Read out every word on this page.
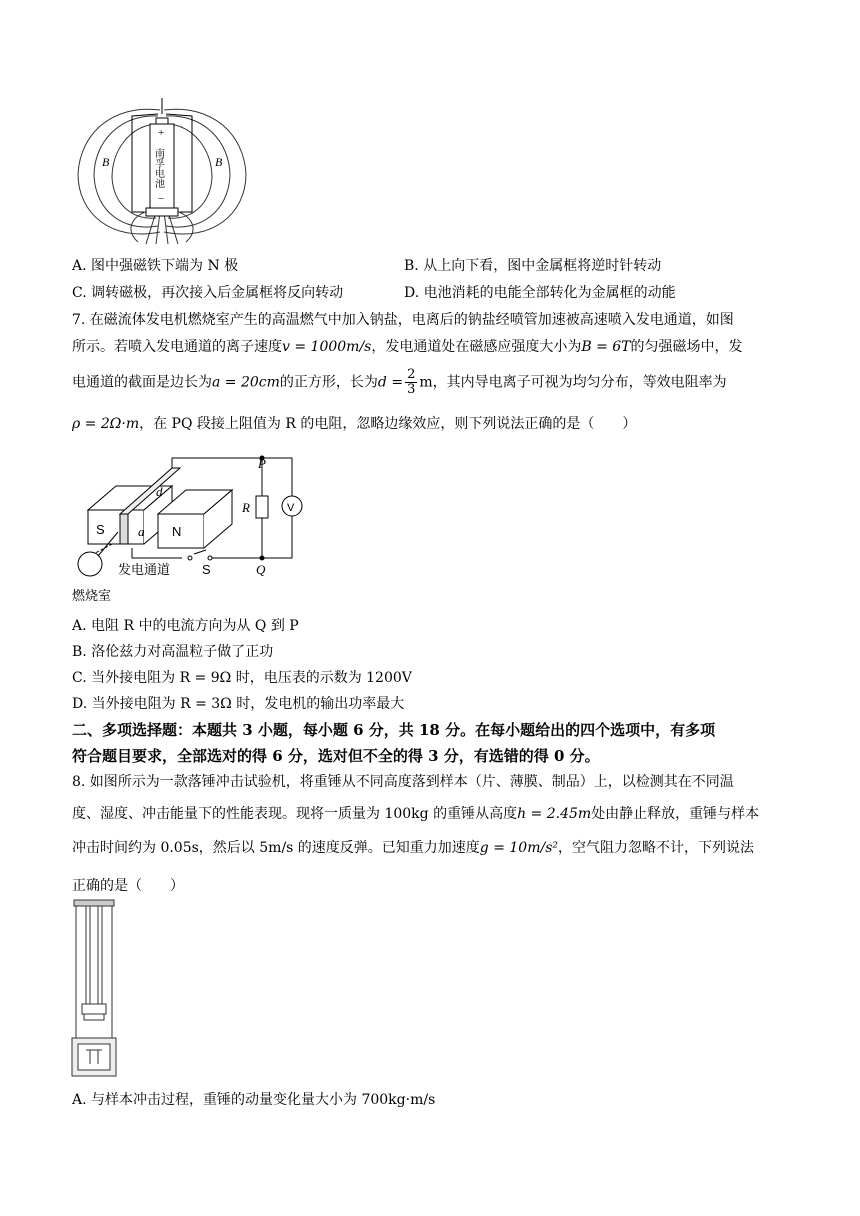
B	B
+
南孚电池
−
A. 图中强磁铁下端为 N 极	B. 从上向下看，图中金属框将逆时针转动
C. 调转磁极，再次接入后金属框将反向转动	D. 电池消耗的电能全部转化为金属框的动能
7. 在磁流体发电机燃烧室产生的高温燃气中加入钠盐，电离后的钠盐经喷管加速被高速喷入发电通道，如图
所示。若喷入发电通道的离子速度v = 1000m/s，发电通道处在磁感应强度大小为B = 6T的匀强磁场中，发
电通道的截面是边长为a = 20cm的正方形，长为$d = \frac{2}{3}$ m，其内导电离子可视为均匀分布，等效电阻率为
ρ = 2Ω·m，在 PQ 段接上阻值为 R 的电阻，忽略边缘效应，则下列说法正确的是（　　）
S	N
d
a
P
Q
R	V
S
发电通道
燃烧室
A. 电阻 R 中的电流方向为从 Q 到 P
B. 洛伦兹力对高温粒子做了正功
C. 当外接电阻为 R = 9Ω 时，电压表的示数为 1200V
D. 当外接电阻为 R = 3Ω 时，发电机的输出功率最大
二、多项选择题：本题共 3 小题，每小题 6 分，共 18 分。在每小题给出的四个选项中，有多项
符合题目要求，全部选对的得 6 分，选对但不全的得 3 分，有选错的得 0 分。
8. 如图所示为一款落锤冲击试验机，将重锤从不同高度落到样本（片、薄膜、制品）上，以检测其在不同温
度、湿度、冲击能量下的性能表现。现将一质量为 100kg 的重锤从高度h = 2.45m处由静止释放，重锤与样本
冲击时间约为 0.05s，然后以 5m/s 的速度反弹。已知重力加速度g = 10m/s²，空气阻力忽略不计，下列说法
正确的是（　　）
A. 与样本冲击过程，重锤的动量变化量大小为 700kg·m/s
